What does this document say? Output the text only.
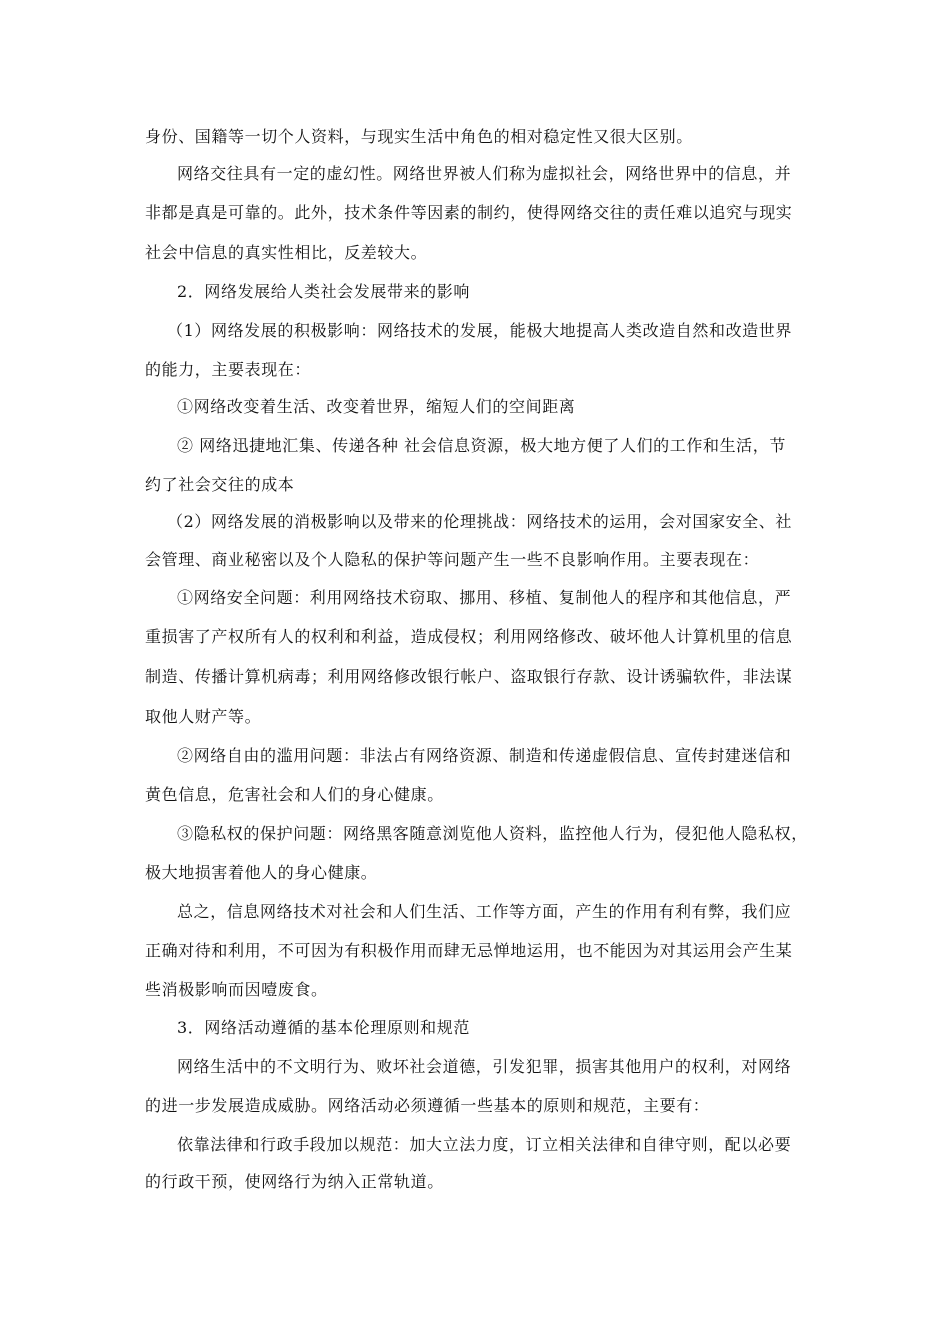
身份、国籍等一切个人资料，与现实生活中角色的相对稳定性又很大区别。
网络交往具有一定的虚幻性。网络世界被人们称为虚拟社会，网络世界中的信息，并
非都是真是可靠的。此外，技术条件等因素的制约，使得网络交往的责任难以追究与现实
社会中信息的真实性相比，反差较大。
2．网络发展给人类社会发展带来的影响
（1）网络发展的积极影响：网络技术的发展，能极大地提高人类改造自然和改造世界
的能力，主要表现在：
①网络改变着生活、改变着世界，缩短人们的空间距离
② 网络迅捷地汇集、传递各种 社会信息资源，极大地方便了人们的工作和生活，节
约了社会交往的成本
（2）网络发展的消极影响以及带来的伦理挑战：网络技术的运用，会对国家安全、社
会管理、商业秘密以及个人隐私的保护等问题产生一些不良影响作用。主要表现在：
①网络安全问题：利用网络技术窃取、挪用、移植、复制他人的程序和其他信息，严
重损害了产权所有人的权利和利益，造成侵权；利用网络修改、破坏他人计算机里的信息
制造、传播计算机病毒；利用网络修改银行帐户、盗取银行存款、设计诱骗软件，非法谋
取他人财产等。
②网络自由的滥用问题：非法占有网络资源、制造和传递虚假信息、宣传封建迷信和
黄色信息，危害社会和人们的身心健康。
③隐私权的保护问题：网络黑客随意浏览他人资料，监控他人行为，侵犯他人隐私权，
极大地损害着他人的身心健康。
总之，信息网络技术对社会和人们生活、工作等方面，产生的作用有利有弊，我们应
正确对待和利用，不可因为有积极作用而肆无忌惮地运用，也不能因为对其运用会产生某
些消极影响而因噎废食。
3．网络活动遵循的基本伦理原则和规范
网络生活中的不文明行为、败坏社会道德，引发犯罪，损害其他用户的权利，对网络
的进一步发展造成威胁。网络活动必须遵循一些基本的原则和规范，主要有：
依靠法律和行政手段加以规范：加大立法力度，订立相关法律和自律守则，配以必要
的行政干预，使网络行为纳入正常轨道。
